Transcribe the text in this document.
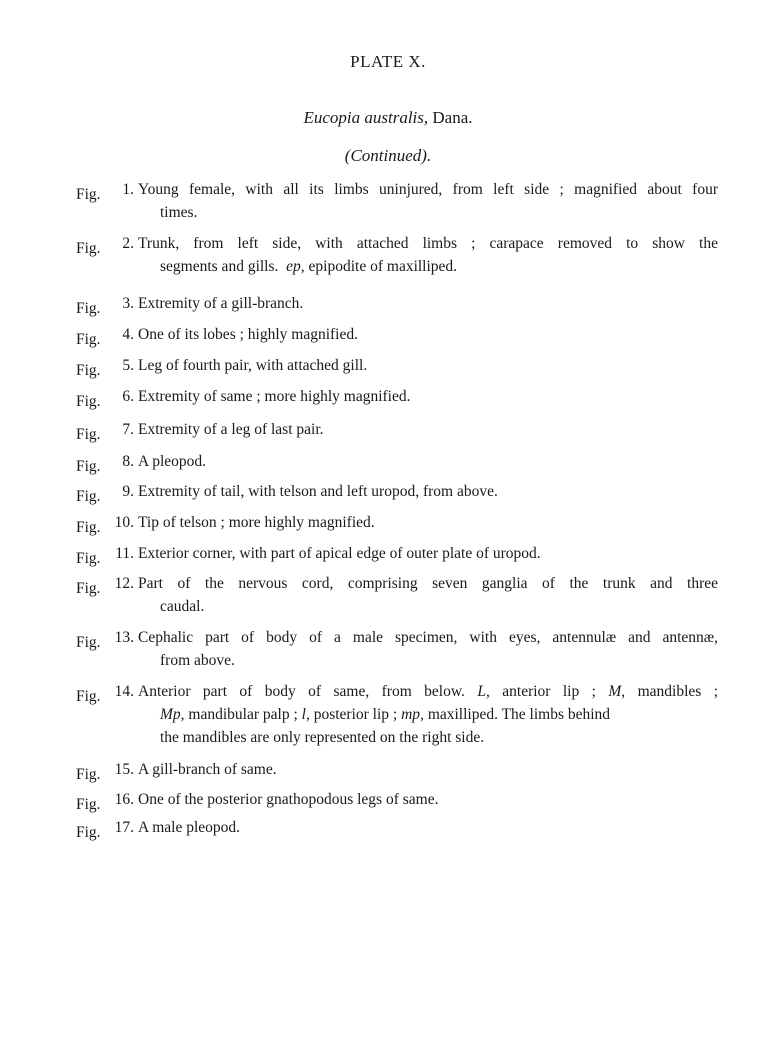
PLATE X.
Eucopia australis, Dana.
(Continued).
Fig.	1. Young female, with all its limbs uninjured, from left side ; magnified about four
times.
Fig.	2. Trunk, from left side, with attached limbs ; carapace removed to show the
segments and gills. ep, epipodite of maxilliped.
Fig.	3. Extremity of a gill-branch.
Fig.	4. One of its lobes ; highly magnified.
Fig.	5. Leg of fourth pair, with attached gill.
Fig.	6. Extremity of same ; more highly magnified.
Fig.	7. Extremity of a leg of last pair.
Fig.	8. A pleopod.
Fig.	9. Extremity of tail, with telson and left uropod, from above.
Fig. 10. Tip of telson ; more highly magnified.
Fig. 11. Exterior corner, with part of apical edge of outer plate of uropod.
Fig. 12. Part of the nervous cord, comprising seven ganglia of the trunk and three
caudal.
Fig. 13. Cephalic part of body of a male specimen, with eyes, antennulæ and antennæ,
from above.
Fig. 14. Anterior part of body of same, from below. L, anterior lip ; M, mandibles ;
Mp, mandibular palp ; l, posterior lip ; mp, maxilliped. The limbs behind
the mandibles are only represented on the right side.
Fig. 15. A gill-branch of same.
Fig. 16. One of the posterior gnathopodous legs of same.
Fig. 17. A male pleopod.
